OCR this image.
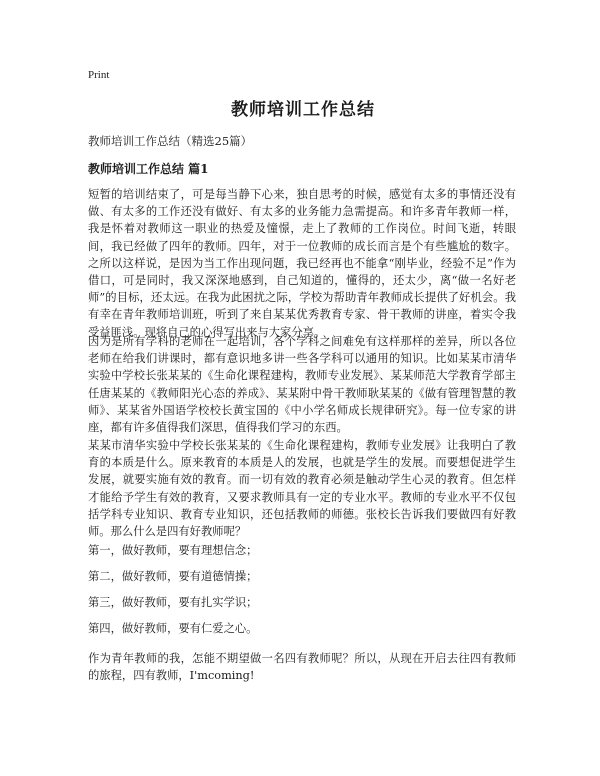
Print
教师培训工作总结
教师培训工作总结（精选25篇）
教师培训工作总结 篇1

短暂的培训结束了，可是每当静下心来，独自思考的时候，感觉有太多的事情还没有做、有太多的工作还没有做好、有太多的业务能力急需提高。和许多青年教师一样，我是怀着对教师这一职业的热爱及憧憬，走上了教师的工作岗位。时间飞逝，转眼间，我已经做了四年的教师。四年，对于一位教师的成长而言是个有些尴尬的数字。之所以这样说，是因为当工作出现问题，我已经再也不能拿“刚毕业，经验不足”作为借口，可是同时，我又深深地感到，自己知道的，懂得的，还太少，离“做一名好老师”的目标，还太远。在我为此困扰之际，学校为帮助青年教师成长提供了好机会。我有幸在青年教师培训班，听到了来自某某优秀教育专家、骨干教师的讲座，着实令我受益匪浅。现将自己的心得写出来与大家分享。

因为是所有学科的老师在一起培训，各个学科之间难免有这样那样的差异，所以各位老师在给我们讲课时，都有意识地多讲一些各学科可以通用的知识。比如某某市清华实验中学校长张某某的《生命化课程建构，教师专业发展》、某某师范大学教育学部主任唐某某的《教师阳光心态的养成》、某某附中骨干教师耿某某的《做有管理智慧的教师》、某某省外国语学校校长黄宝国的《中小学名师成长规律研究》。每一位专家的讲座，都有许多值得我们深思，值得我们学习的东西。

某某市清华实验中学校长张某某的《生命化课程建构，教师专业发展》让我明白了教育的本质是什么。原来教育的本质是人的发展，也就是学生的发展。而要想促进学生发展，就要实施有效的教育。而一切有效的教育必须是触动学生心灵的教育。但怎样才能给予学生有效的教育，又要求教师具有一定的专业水平。教师的专业水平不仅包括学科专业知识、教育专业知识，还包括教师的师德。张校长告诉我们要做四有好教师。那么什么是四有好教师呢？

第一，做好教师，要有理想信念；

第二，做好教师，要有道德情操；

第三，做好教师，要有扎实学识；

第四，做好教师，要有仁爱之心。

作为青年教师的我，怎能不期望做一名四有教师呢？所以，从现在开启去往四有教师的旅程，四有教师，I'mcoming!
